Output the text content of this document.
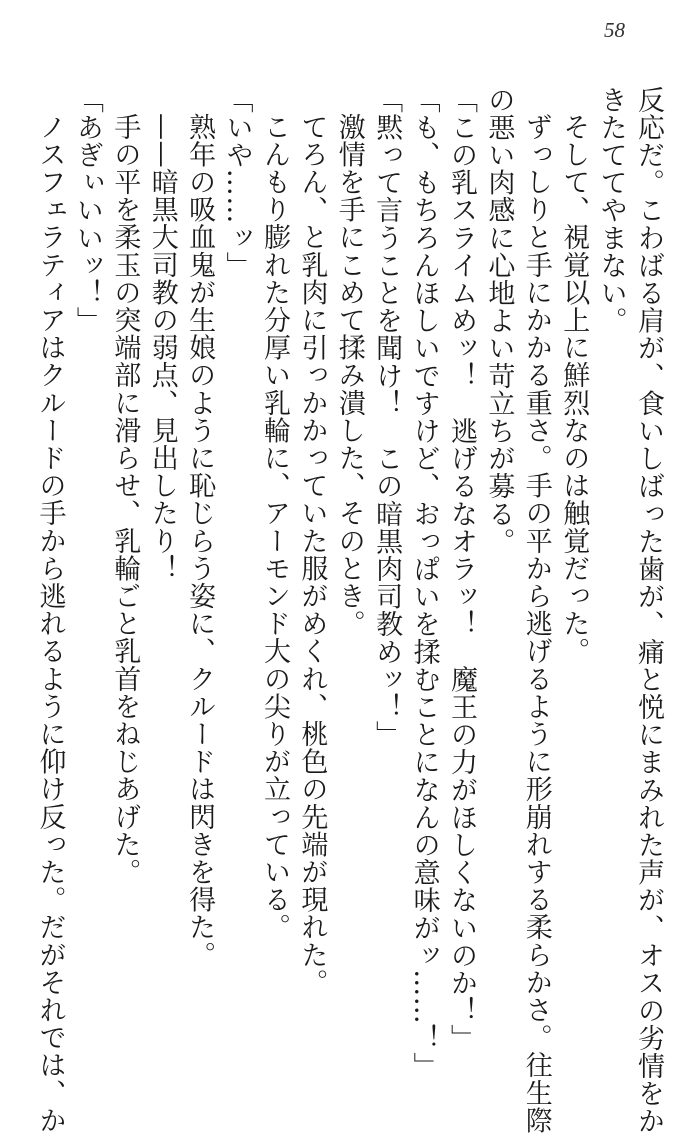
58
反応だ。こわばる肩が、食いしばった歯が、痛と悦にまみれた声が、オスの劣情をか
きたててやまない。
そして、視覚以上に鮮烈なのは触覚だった。
ずっしりと手にかかる重さ。手の平から逃げるように形崩れする柔らかさ。往生際
の悪い肉感に心地よい苛立ちが募る。
「この乳スライムめッ！　逃げるなオラッ！　魔王の力がほしくないのか！」
「も、もちろんほしいですけど、おっぱいを揉むことになんの意味がッ……！」
「黙って言うことを聞け！　この暗黒肉司教めッ！」
激情を手にこめて揉み潰した、そのとき。
てろん、と乳肉に引っかかっていた服がめくれ、桃色の先端が現れた。
こんもり膨れた分厚い乳輪に、アーモンド大の尖りが立っている。
「いや……ッ」
熟年の吸血鬼が生娘のように恥じらう姿に、クルードは閃きを得た。
——暗黒大司教の弱点、見出したり！
手の平を柔玉の突端部に滑らせ、乳輪ごと乳首をねじあげた。
「あぎぃいいッ！」
ノスフェラティアはクルードの手から逃れるように仰け反った。だがそれでは、か
